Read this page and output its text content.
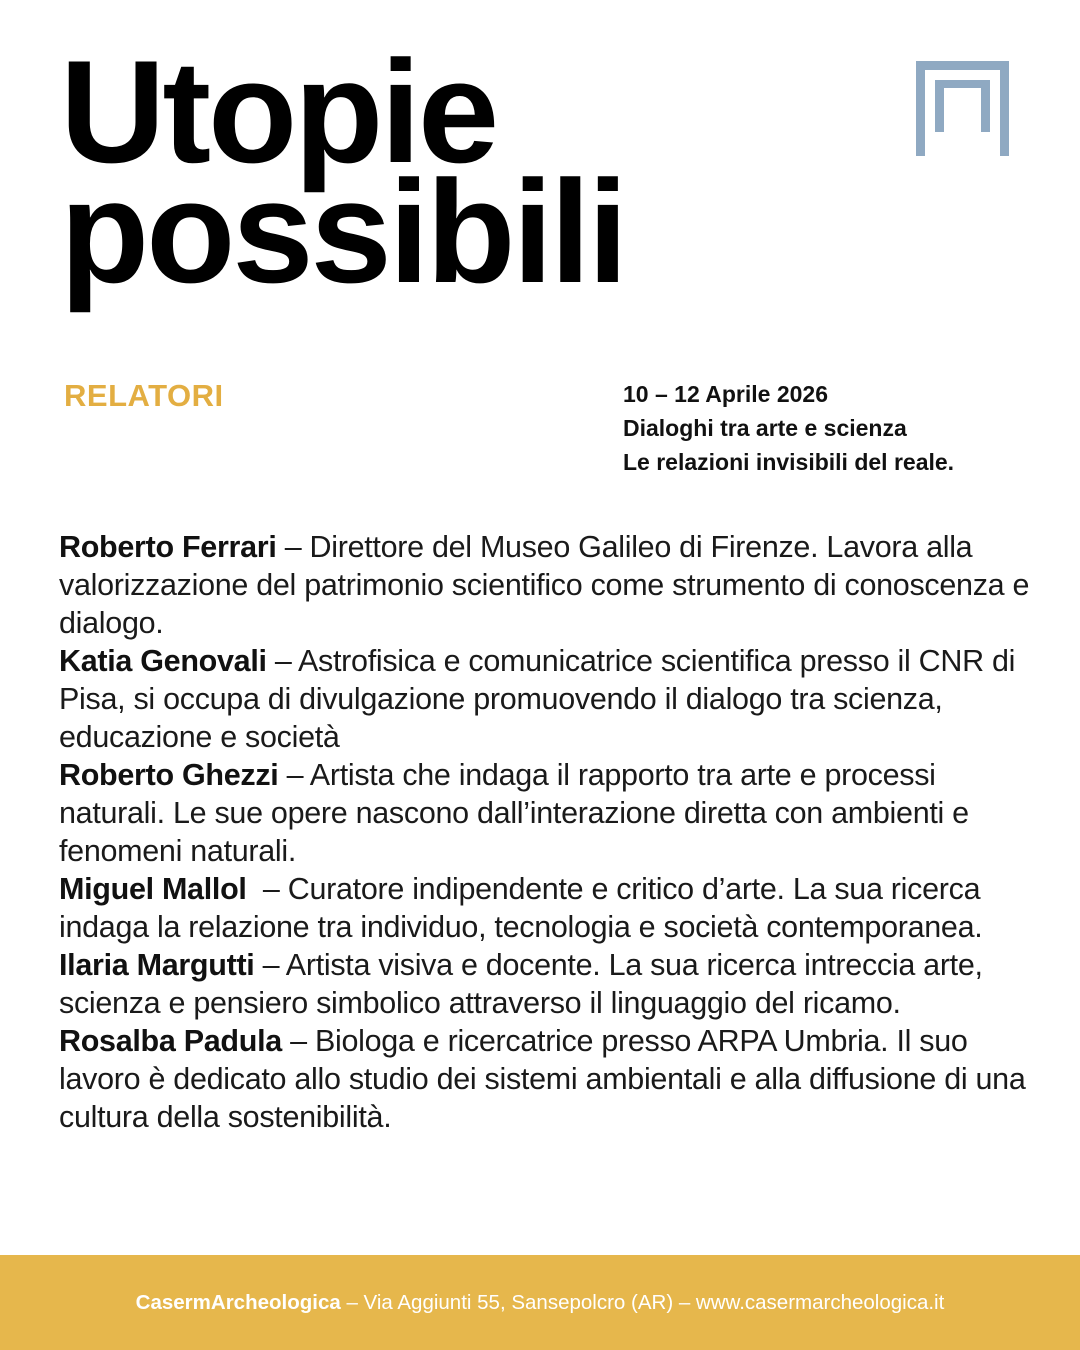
Utopie
possibili
RELATORI	10 – 12 Aprile 2026
Dialoghi tra arte e scienza
Le relazioni invisibili del reale.

Roberto Ferrari – Direttore del Museo Galileo di Firenze. Lavora alla valorizzazione del patrimonio scientifico come strumento di conoscenza e dialogo.

Katia Genovali – Astrofisica e comunicatrice scientifica presso il CNR di Pisa, si occupa di divulgazione promuovendo il dialogo tra scienza, educazione e società

Roberto Ghezzi – Artista che indaga il rapporto tra arte e processi naturali. Le sue opere nascono dall’interazione diretta con ambienti e fenomeni naturali.

Miguel Mallol  – Curatore indipendente e critico d’arte. La sua ricerca indaga la relazione tra individuo, tecnologia e società contemporanea.

Ilaria Margutti – Artista visiva e docente. La sua ricerca intreccia arte, scienza e pensiero simbolico attraverso il linguaggio del ricamo.

Rosalba Padula – Biologa e ricercatrice presso ARPA Umbria. Il suo lavoro è dedicato allo studio dei sistemi ambientali e alla diffusione di una cultura della sostenibilità.

CasermArcheologica – Via Aggiunti 55, Sansepolcro (AR) – www.casermarcheologica.it
